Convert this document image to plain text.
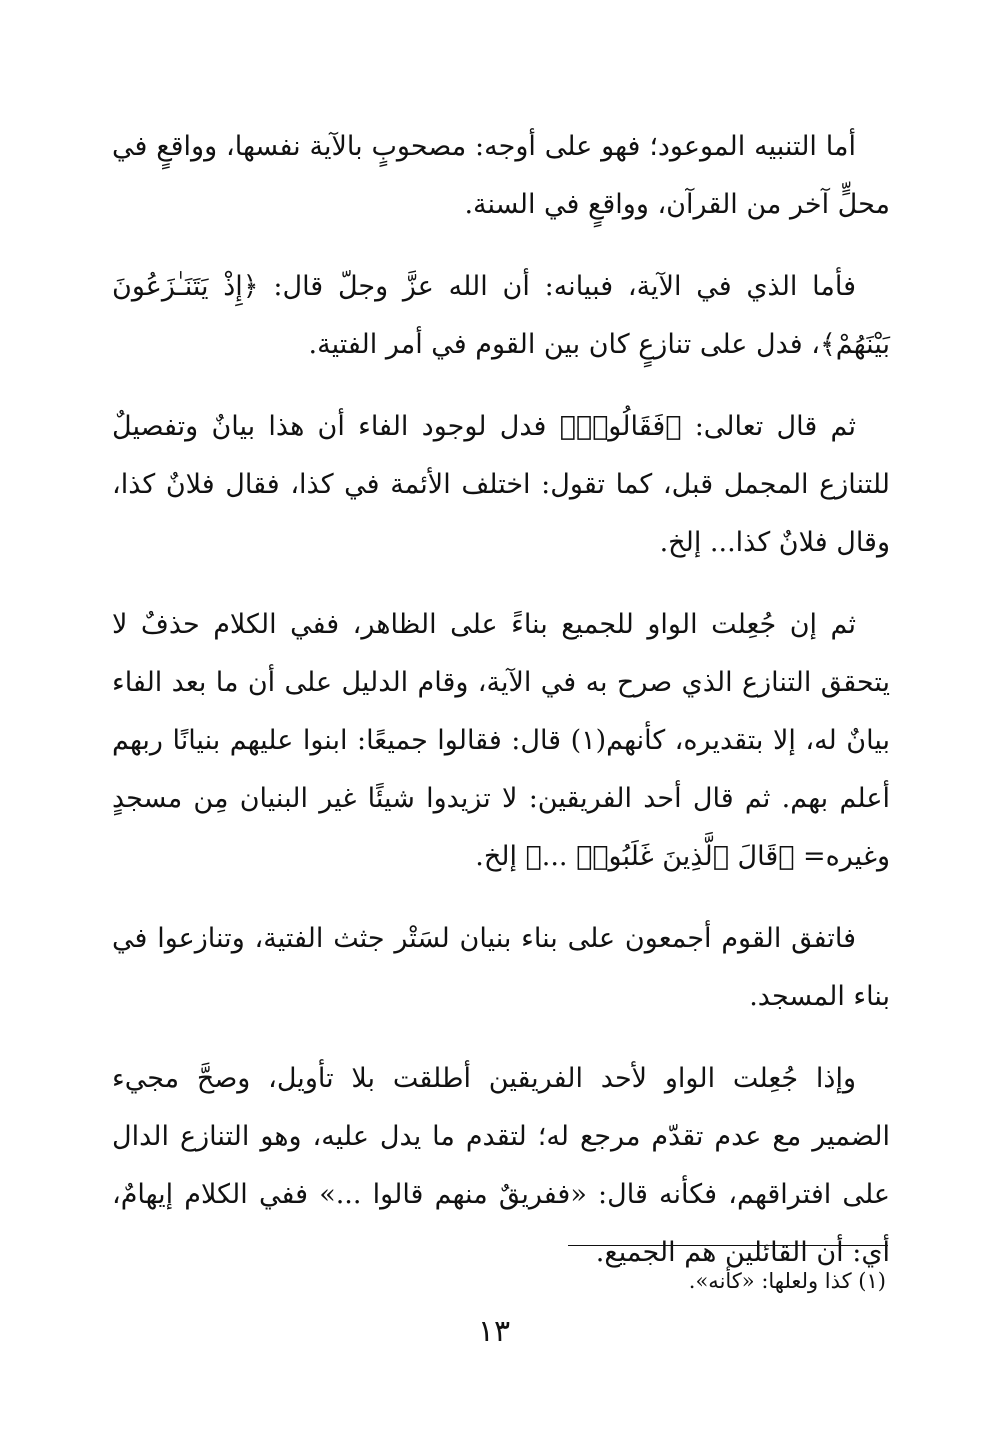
أما التنبيه الموعود؛ فهو على أوجه: مصحوبٍ بالآية نفسها، وواقعٍ في محلٍّ آخر من القرآن، وواقعٍ في السنة.

فأما الذي في الآية، فبيانه: أن الله عزَّ وجلّ قال: ﴿إِذْ يَتَنَـٰزَعُونَ بَيْنَهُمْ﴾، فدل على تنازعٍ كان بين القوم في أمر الفتية.

ثم قال تعالى: ﴿فَقَالُوا۟﴾ فدل لوجود الفاء أن هذا بيانٌ وتفصيلٌ للتنازع المجمل قبل، كما تقول: اختلف الأئمة في كذا، فقال فلانٌ كذا، وقال فلانٌ كذا... إلخ.

ثم إن جُعِلت الواو للجميع بناءً على الظاهر، ففي الكلام حذفٌ لا يتحقق التنازع الذي صرح به في الآية، وقام الدليل على أن ما بعد الفاء بيانٌ له، إلا بتقديره، كأنهم(١) قال: فقالوا جميعًا: ابنوا عليهم بنيانًا ربهم أعلم بهم. ثم قال أحد الفريقين: لا تزيدوا شيئًا غير البنيان مِن مسجدٍ وغيره= ﴿قَالَ ٱلَّذِينَ غَلَبُوا۟ ...﴾ إلخ.

فاتفق القوم أجمعون على بناء بنيان لسَتْر جثث الفتية، وتنازعوا في بناء المسجد.

وإذا جُعِلت الواو لأحد الفريقين أطلقت بلا تأويل، وصحَّ مجيء الضمير مع عدم تقدّم مرجع له؛ لتقدم ما يدل عليه، وهو التنازع الدال على افتراقهم، فكأنه قال: «ففريقٌ منهم قالوا ...» ففي الكلام إيهامٌ، أي: أن القائلين هم الجميع.

(١) كذا ولعلها: «كأنه».
١٣
